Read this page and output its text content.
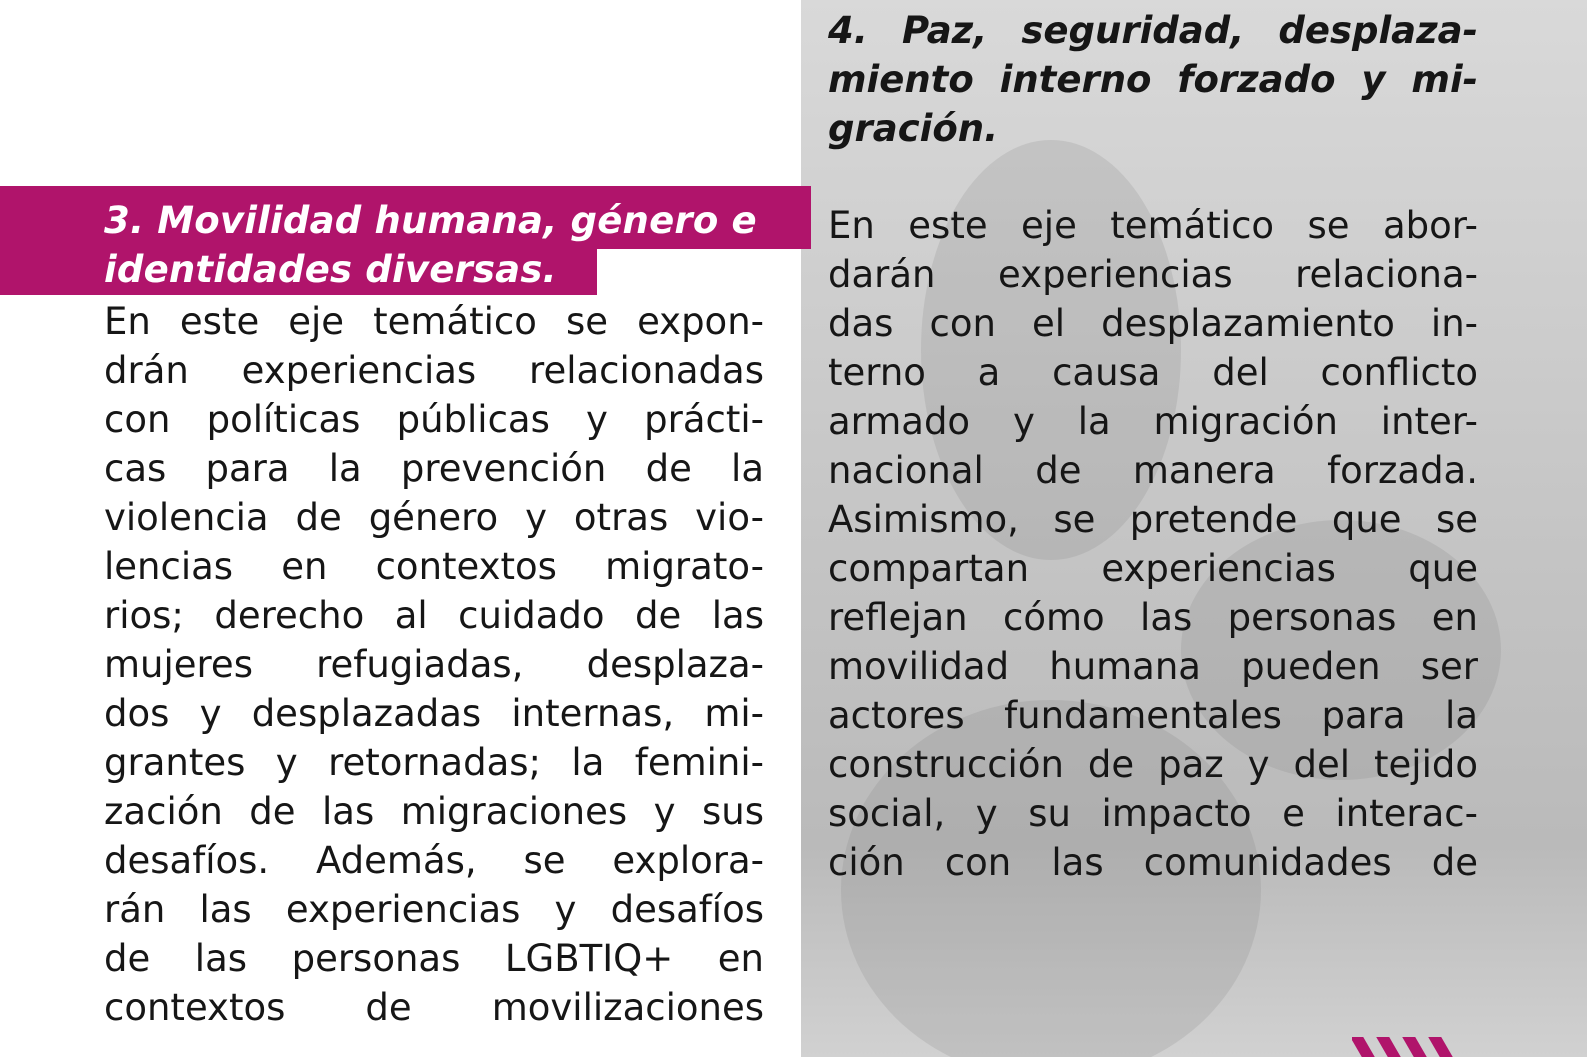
3. Movilidad humana, género e
identidades diversas.
En este eje temático se expon-
drán experiencias relacionadas
con políticas públicas y prácti-
cas para la prevención de la
violencia de género y otras vio-
lencias en contextos migrato-
rios; derecho al cuidado de las
mujeres refugiadas, desplaza-
dos y desplazadas internas, mi-
grantes y retornadas; la femini-
zación de las migraciones y sus
desafíos. Además, se explora-
rán las experiencias y desafíos
de las personas LGBTIQ+ en
contextos de movilizaciones
4. Paz, seguridad, desplaza-
miento interno forzado y mi-
gración.
En este eje temático se abor-
darán experiencias relaciona-
das con el desplazamiento in-
terno a causa del conflicto
armado y la migración inter-
nacional de manera forzada.
Asimismo, se pretende que se
compartan experiencias que
reflejan cómo las personas en
movilidad humana pueden ser
actores fundamentales para la
construcción de paz y del tejido
social, y su impacto e interac-
ción con las comunidades de
